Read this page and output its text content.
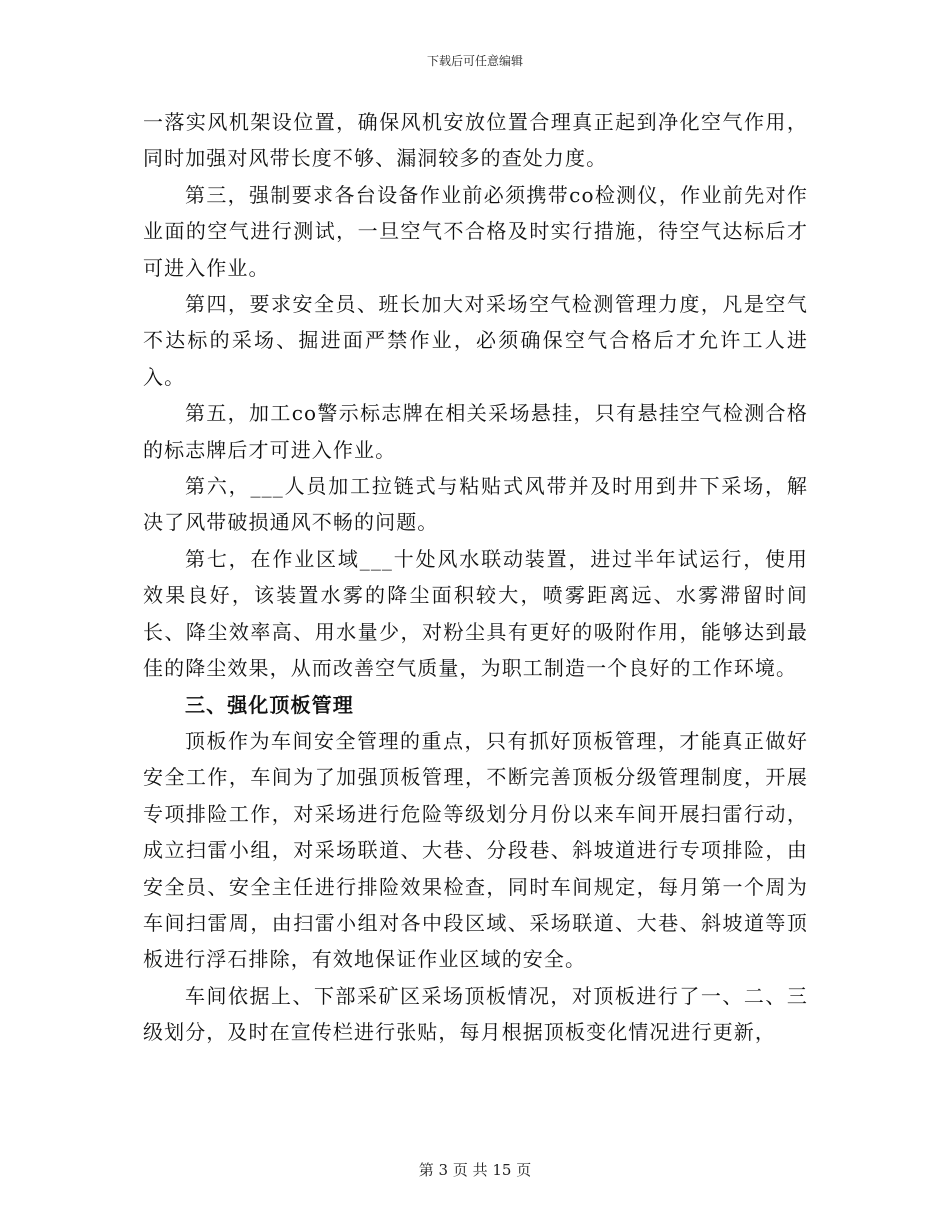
下载后可任意编辑

一落实风机架设位置，确保风机安放位置合理真正起到净化空气作用，同时加强对风带长度不够、漏洞较多的查处力度。

第三，强制要求各台设备作业前必须携带co检测仪，作业前先对作业面的空气进行测试，一旦空气不合格及时实行措施，待空气达标后才可进入作业。

第四，要求安全员、班长加大对采场空气检测管理力度，凡是空气不达标的采场、掘进面严禁作业，必须确保空气合格后才允许工人进入。

第五，加工co警示标志牌在相关采场悬挂，只有悬挂空气检测合格的标志牌后才可进入作业。

第六，___人员加工拉链式与粘贴式风带并及时用到井下采场，解决了风带破损通风不畅的问题。

第七，在作业区域___十处风水联动装置，进过半年试运行，使用效果良好，该装置水雾的降尘面积较大，喷雾距离远、水雾滞留时间长、降尘效率高、用水量少，对粉尘具有更好的吸附作用，能够达到最佳的降尘效果，从而改善空气质量，为职工制造一个良好的工作环境。

三、强化顶板管理

顶板作为车间安全管理的重点，只有抓好顶板管理，才能真正做好安全工作，车间为了加强顶板管理，不断完善顶板分级管理制度，开展专项排险工作，对采场进行危险等级划分月份以来车间开展扫雷行动，成立扫雷小组，对采场联道、大巷、分段巷、斜坡道进行专项排险，由安全员、安全主任进行排险效果检查，同时车间规定，每月第一个周为车间扫雷周，由扫雷小组对各中段区域、采场联道、大巷、斜坡道等顶板进行浮石排除，有效地保证作业区域的安全。

车间依据上、下部采矿区采场顶板情况，对顶板进行了一、二、三级划分，及时在宣传栏进行张贴，每月根据顶板变化情况进行更新，

第 3 页 共 15 页
